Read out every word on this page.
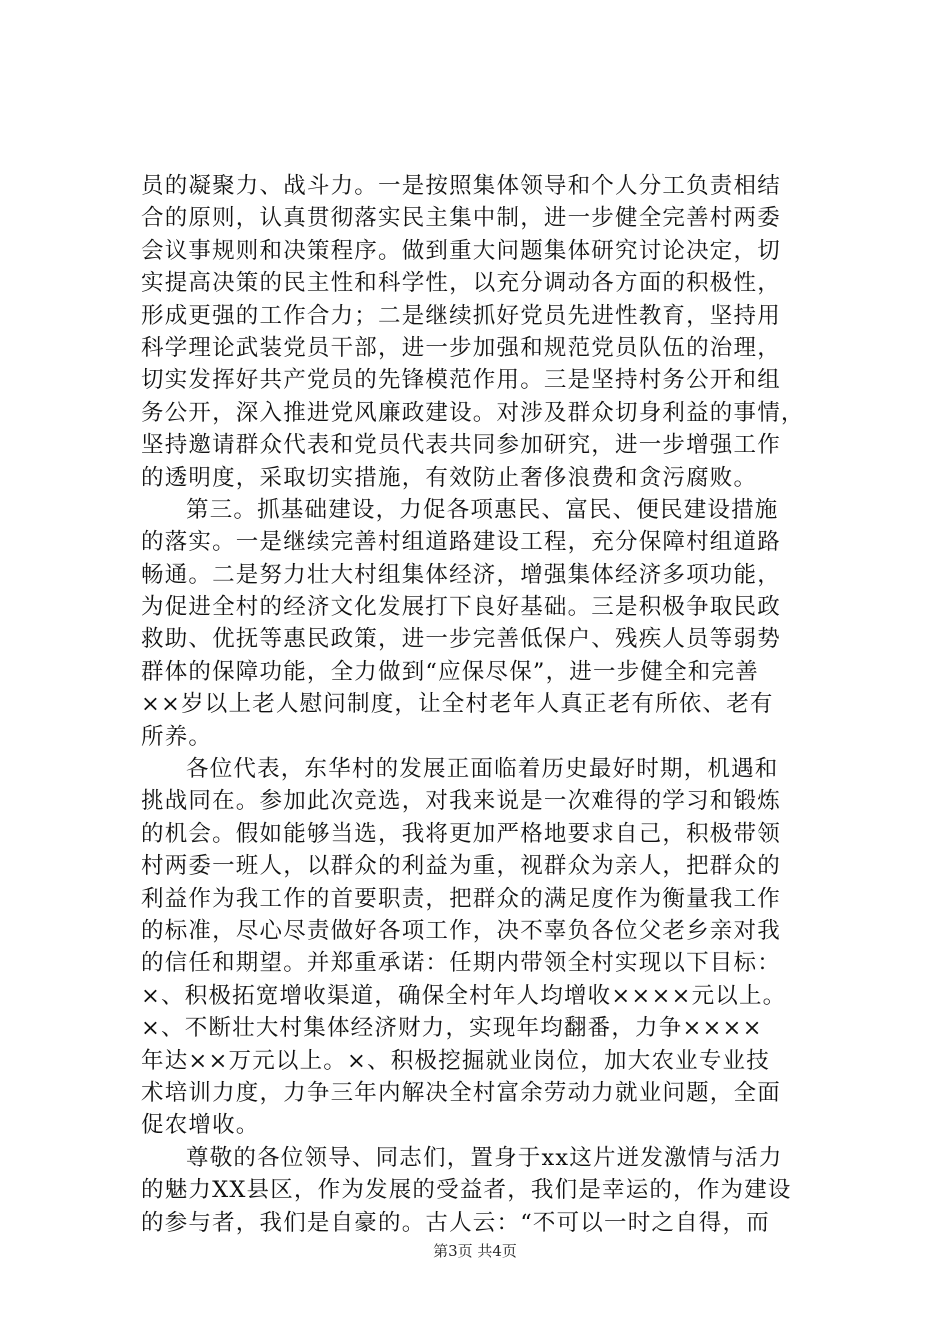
员的凝聚力、战斗力。一是按照集体领导和个人分工负责相结
合的原则，认真贯彻落实民主集中制，进一步健全完善村两委
会议事规则和决策程序。做到重大问题集体研究讨论决定，切
实提高决策的民主性和科学性，以充分调动各方面的积极性，
形成更强的工作合力；二是继续抓好党员先进性教育，坚持用
科学理论武装党员干部，进一步加强和规范党员队伍的治理，
切实发挥好共产党员的先锋模范作用。三是坚持村务公开和组
务公开，深入推进党风廉政建设。对涉及群众切身利益的事情，
坚持邀请群众代表和党员代表共同参加研究，进一步增强工作
的透明度，采取切实措施，有效防止奢侈浪费和贪污腐败。
第三。抓基础建设，力促各项惠民、富民、便民建设措施
的落实。一是继续完善村组道路建设工程，充分保障村组道路
畅通。二是努力壮大村组集体经济，增强集体经济多项功能，
为促进全村的经济文化发展打下良好基础。三是积极争取民政
救助、优抚等惠民政策，进一步完善低保户、残疾人员等弱势
群体的保障功能，全力做到“应保尽保”，进一步健全和完善
××岁以上老人慰问制度，让全村老年人真正老有所依、老有
所养。
各位代表，东华村的发展正面临着历史最好时期，机遇和
挑战同在。参加此次竞选，对我来说是一次难得的学习和锻炼
的机会。假如能够当选，我将更加严格地要求自己，积极带领
村两委一班人，以群众的利益为重，视群众为亲人，把群众的
利益作为我工作的首要职责，把群众的满足度作为衡量我工作
的标准，尽心尽责做好各项工作，决不辜负各位父老乡亲对我
的信任和期望。并郑重承诺：任期内带领全村实现以下目标：
×、积极拓宽增收渠道，确保全村年人均增收××××元以上。
×、不断壮大村集体经济财力，实现年均翻番，力争××××
年达××万元以上。×、积极挖掘就业岗位，加大农业专业技
术培训力度，力争三年内解决全村富余劳动力就业问题，全面
促农增收。
尊敬的各位领导、同志们，置身于xx这片迸发激情与活力
的魅力XX县区，作为发展的受益者，我们是幸运的，作为建设
的参与者，我们是自豪的。古人云：“不可以一时之自得，而
第3页 共4页
